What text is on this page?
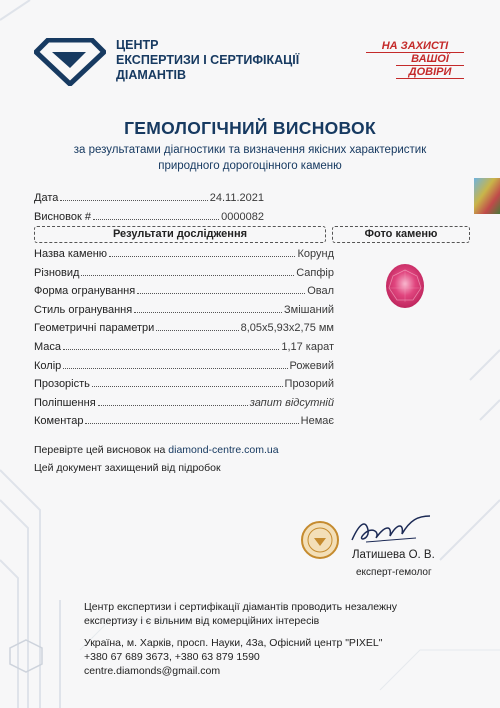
ЦЕНТР
ЕКСПЕРТИЗИ І СЕРТИФІКАЦІЇ
ДІАМАНТІВ
НА ЗАХИСТІ
ВАШОЇ
ДОВІРИ
ГЕМОЛОГІЧНИЙ ВИСНОВОК
за результатами діагностики та визначення якісних характеристик
природного дорогоцінного каменю
Дата	24.11.2021
Висновок #	0000082
Результати дослідження	Фото каменю
Назва каменю	Корунд
Різновид	Сапфір
Форма огранування	Овал
Стиль огранування	Змішаний
Геометричні параметри	8,05x5,93x2,75 мм
Маса	1,17 карат
Колір	Рожевий
Прозорість	Прозорий
Поліпшення	запит відсутній
Коментар	Немає
Перевірте цей висновок на diamond-centre.com.ua
Цей документ захищений від підробок
Латишева О. В.
експерт-гемолог
Центр експертизи і сертифікації діамантів проводить незалежну
експертизу і є вільним від комерційних інтересів
Україна, м. Харків, просп. Науки, 43а, Офісний центр "PIXEL"
+380 67 689 3673, +380 63 879 1590
centre.diamonds@gmail.com
